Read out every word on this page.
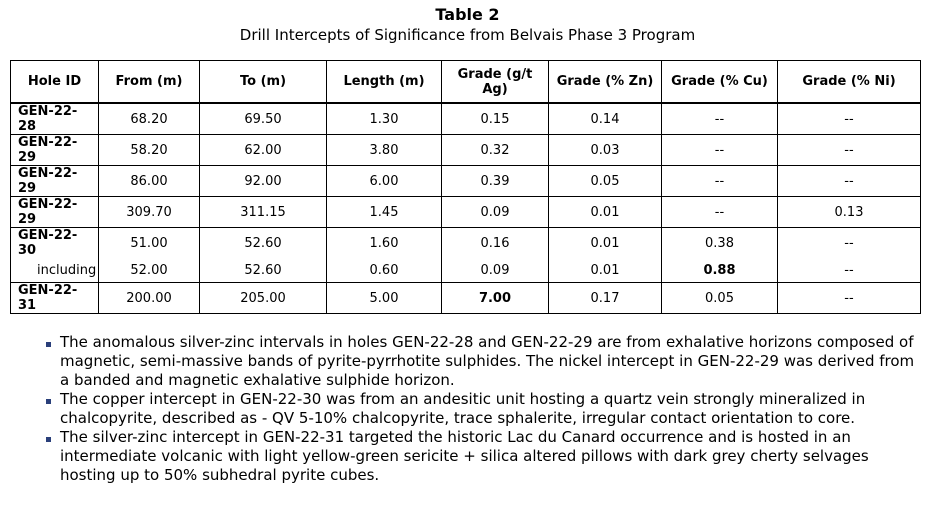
Table 2
Drill Intercepts of Significance from Belvais Phase 3 Program
Hole ID	From (m)	To (m)	Length (m)	Grade (g/t Ag)	Grade (% Zn)	Grade (% Cu)	Grade (% Ni)
GEN-22-28	68.20	69.50	1.30	0.15	0.14	--	--
GEN-22-29	58.20	62.00	3.80	0.32	0.03	--	--
GEN-22-29	86.00	92.00	6.00	0.39	0.05	--	--
GEN-22-29	309.70	311.15	1.45	0.09	0.01	--	0.13
GEN-22-30	51.00	52.60	1.60	0.16	0.01	0.38	--
including	52.00	52.60	0.60	0.09	0.01	0.88	--
GEN-22-31	200.00	205.00	5.00	7.00	0.17	0.05	--
The anomalous silver-zinc intervals in holes GEN-22-28 and GEN-22-29 are from exhalative horizons composed of magnetic, semi-massive bands of pyrite-pyrrhotite sulphides. The nickel intercept in GEN-22-29 was derived from a banded and magnetic exhalative sulphide horizon.
The copper intercept in GEN-22-30 was from an andesitic unit hosting a quartz vein strongly mineralized in chalcopyrite, described as - QV 5-10% chalcopyrite, trace sphalerite, irregular contact orientation to core.
The silver-zinc intercept in GEN-22-31 targeted the historic Lac du Canard occurrence and is hosted in an intermediate volcanic with light yellow-green sericite + silica altered pillows with dark grey cherty selvages hosting up to 50% subhedral pyrite cubes.
